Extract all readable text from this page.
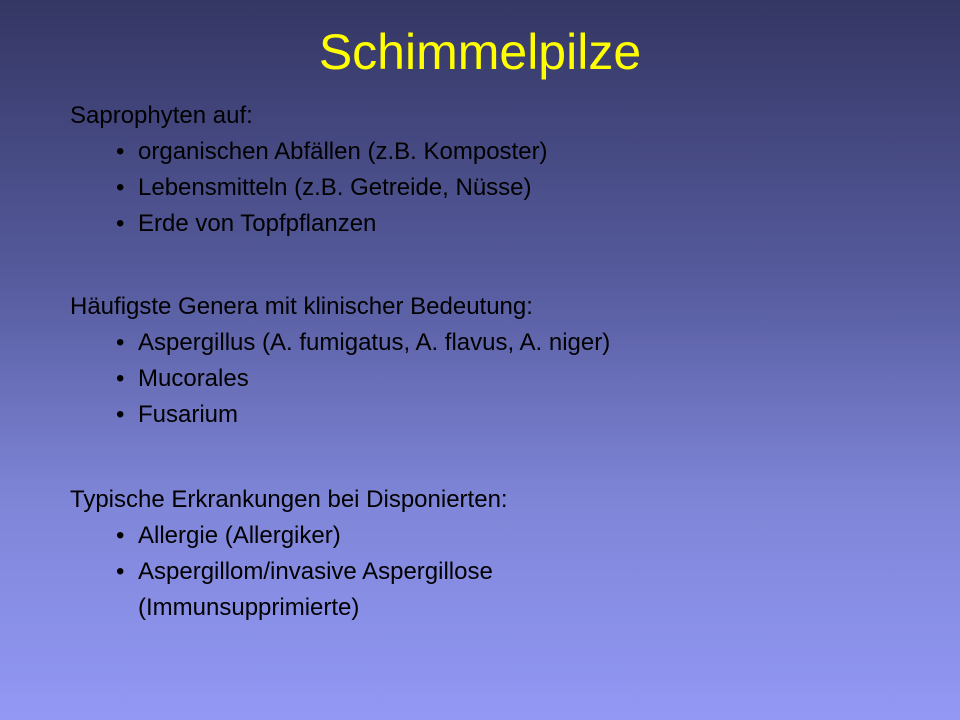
Schimmelpilze
Saprophyten auf:
• organischen Abfällen (z.B. Komposter)
• Lebensmitteln (z.B. Getreide, Nüsse)
• Erde von Topfpflanzen
Häufigste Genera mit klinischer Bedeutung:
• Aspergillus (A. fumigatus, A. flavus, A. niger)
• Mucorales
• Fusarium
Typische Erkrankungen bei Disponierten:
• Allergie (Allergiker)
• Aspergillom/invasive Aspergillose
(Immunsupprimierte)
